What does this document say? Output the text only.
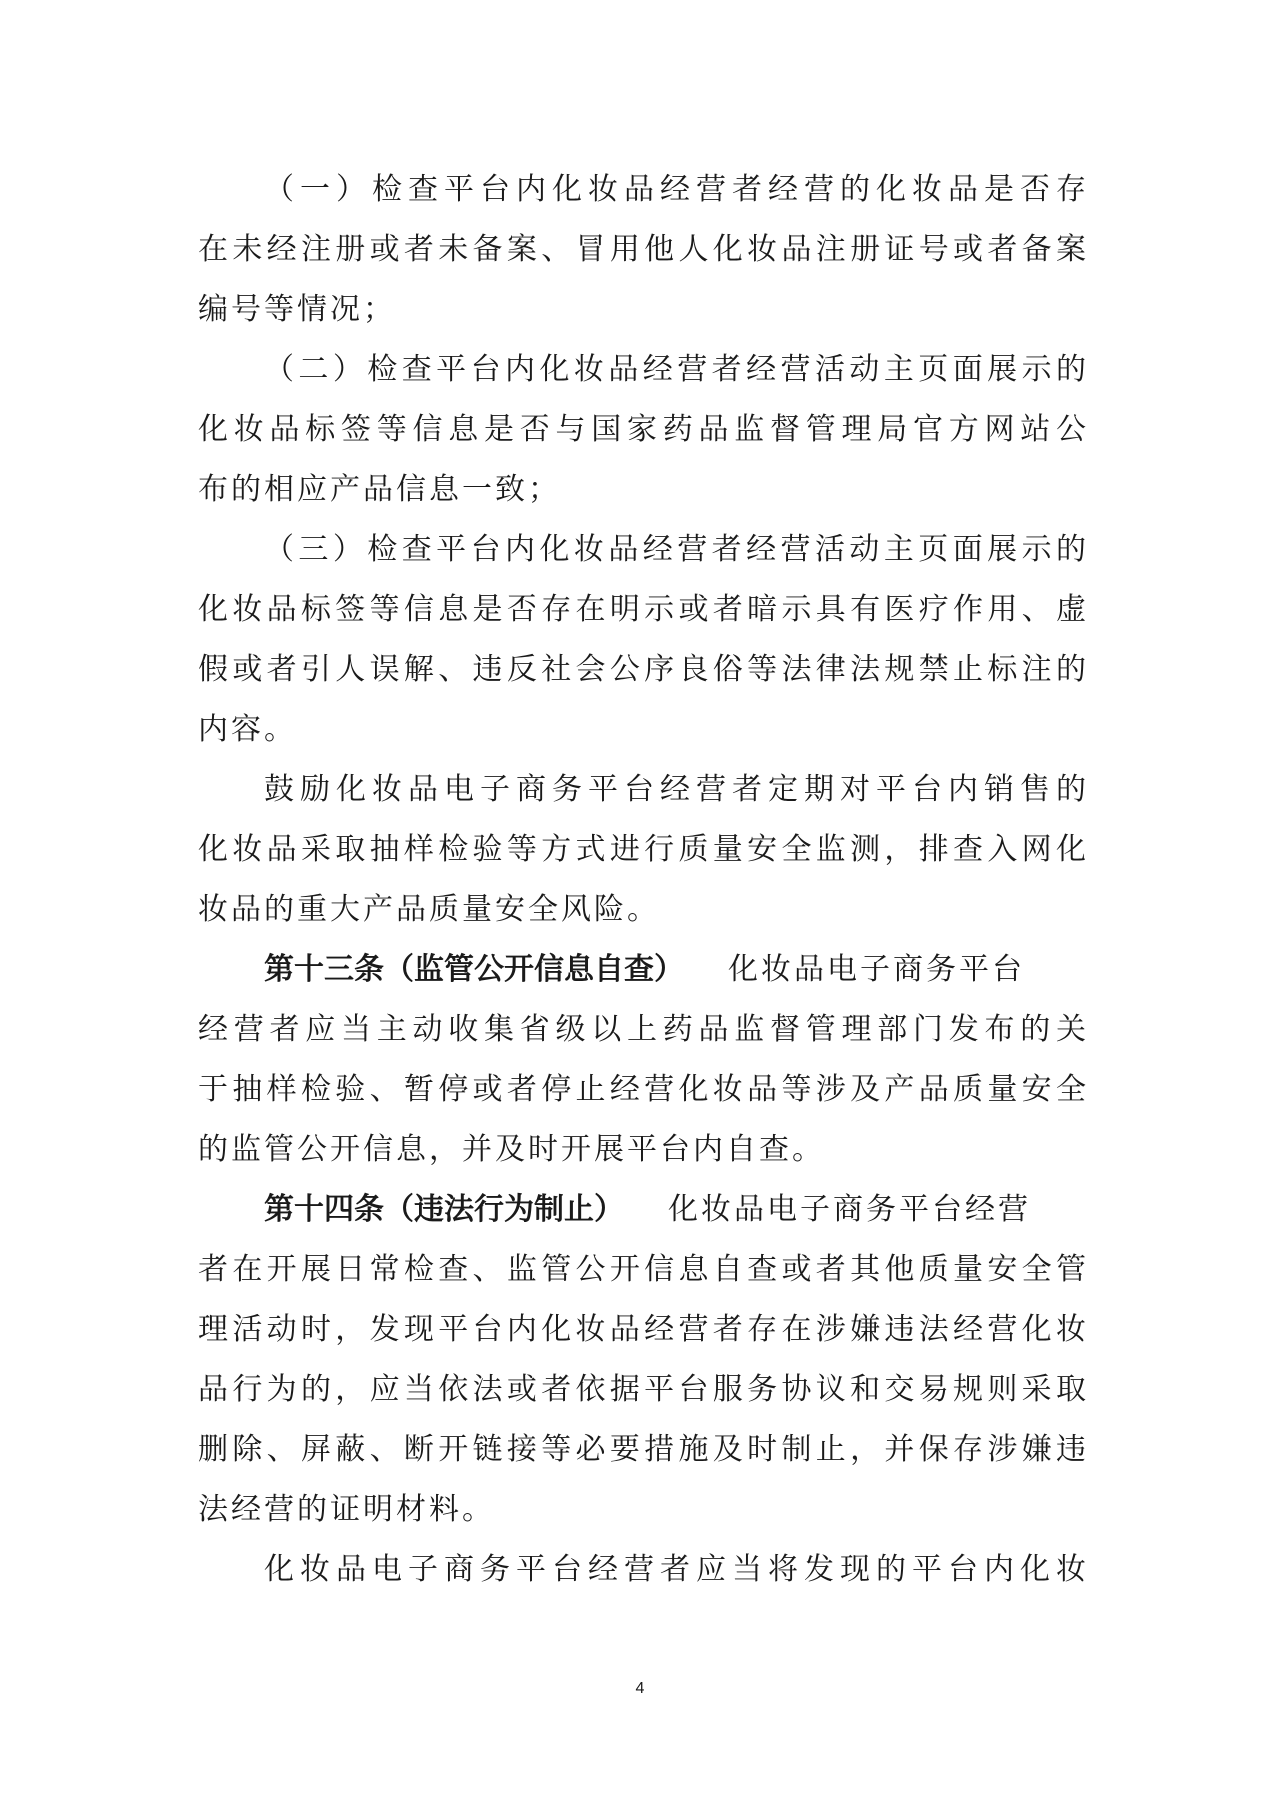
（一）检查平台内化妆品经营者经营的化妆品是否存
在未经注册或者未备案、冒用他人化妆品注册证号或者备案
编号等情况；
（二）检查平台内化妆品经营者经营活动主页面展示的
化妆品标签等信息是否与国家药品监督管理局官方网站公
布的相应产品信息一致；
（三）检查平台内化妆品经营者经营活动主页面展示的
化妆品标签等信息是否存在明示或者暗示具有医疗作用、虚
假或者引人误解、违反社会公序良俗等法律法规禁止标注的
内容。
鼓励化妆品电子商务平台经营者定期对平台内销售的
化妆品采取抽样检验等方式进行质量安全监测，排查入网化
妆品的重大产品质量安全风险。
第十三条（监管公开信息自查） 化妆品电子商务平台
经营者应当主动收集省级以上药品监督管理部门发布的关
于抽样检验、暂停或者停止经营化妆品等涉及产品质量安全
的监管公开信息，并及时开展平台内自查。
第十四条（违法行为制止） 化妆品电子商务平台经营
者在开展日常检查、监管公开信息自查或者其他质量安全管
理活动时，发现平台内化妆品经营者存在涉嫌违法经营化妆
品行为的，应当依法或者依据平台服务协议和交易规则采取
删除、屏蔽、断开链接等必要措施及时制止，并保存涉嫌违
法经营的证明材料。
化妆品电子商务平台经营者应当将发现的平台内化妆
4
